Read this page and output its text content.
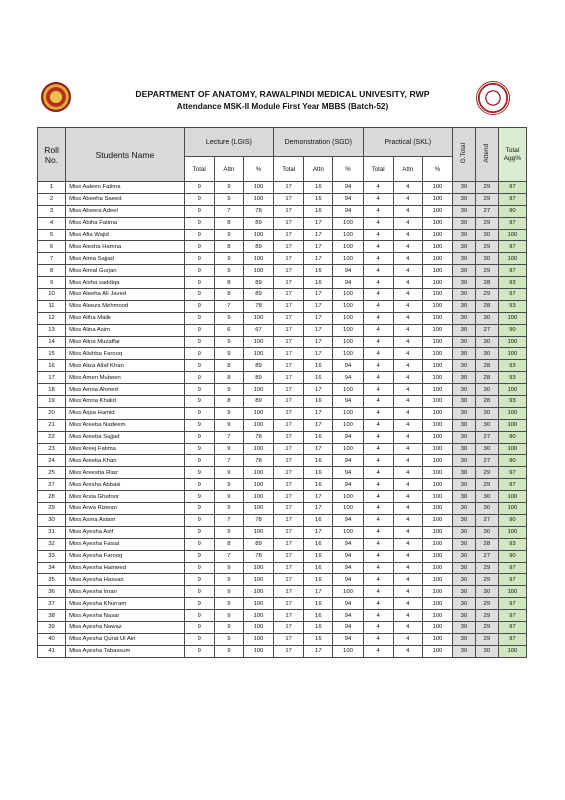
DEPARTMENT OF ANATOMY, RAWALPINDI MEDICAL UNIVESITY, RWP
Attendance MSK-II Module First Year MBBS (Batch-52)
Roll No.	Students Name	Lecture (LGIS)			Demonstration (SGD)			Practical (SKL)			G.Total	Attend	Total Agg%
		Total	Attn	%	Total	Attn	%	Total	Attn	%			
1	Miss Aaleen Fatima	9	9	100	17	16	94	4	4	100	30	29	97
2	Miss Abeeha Saeed	9	9	100	17	16	94	4	4	100	30	29	97
3	Miss Abeera Adeel	9	7	78	17	16	94	4	4	100	30	27	90
4	Miss Abiha Fatima	9	8	89	17	17	100	4	4	100	30	29	97
5	Miss Afia Wajid	9	9	100	17	17	100	4	4	100	30	30	100
6	Miss Aiesha Hamna	9	8	89	17	17	100	4	4	100	30	29	97
7	Miss Aima Sajjad	9	9	100	17	17	100	4	4	100	30	30	100
8	Miss Aimal Gurjan	9	9	100	17	16	94	4	4	100	30	29	97
9	Miss Aisha saddiqa	9	8	89	17	16	94	4	4	100	30	28	93
10	Miss Aleeha Ali Javed	9	8	89	17	17	100	4	4	100	30	29	97
11	Miss Aleeza Mehmood	9	7	78	17	17	100	4	4	100	30	28	93
12	Miss Aliha Malik	9	9	100	17	17	100	4	4	100	30	30	100
13	Miss Alina Asim	9	6	67	17	17	100	4	4	100	30	27	90
14	Miss Alina Muzaffar	9	9	100	17	17	100	4	4	100	30	30	100
15	Miss Alishba Farooq	9	9	100	17	17	100	4	4	100	30	30	100
16	Miss Aliza Altaf Khan	9	8	89	17	16	94	4	4	100	30	28	93
17	Miss Amen Mubeen	9	8	89	17	16	94	4	4	100	30	28	93
18	Miss Amna Ahmed	9	9	100	17	17	100	4	4	100	30	30	100
19	Miss Amna Khalid	9	8	89	17	16	94	4	4	100	30	28	93
20	Miss Aqsa Hamid	9	9	100	17	17	100	4	4	100	30	30	100
21	Miss Areeba Nadeem	9	9	100	17	17	100	4	4	100	30	30	100
22	Miss Areeba Sajjad	9	7	78	17	16	94	4	4	100	30	27	90
23	Miss Areej Fatima	9	9	100	17	17	100	4	4	100	30	30	100
24	Miss Areeka Khan	9	7	78	17	16	94	4	4	100	30	27	90
25	Miss Areesha Riaz	9	9	100	17	16	94	4	4	100	30	29	97
27	Miss Aresha Abbasi	9	9	100	17	16	94	4	4	100	30	29	97
28	Miss Arsla Ghafoor	9	9	100	17	17	100	4	4	100	30	30	100
29	Miss Arwa Rizwan	9	9	100	17	17	100	4	4	100	30	30	100
30	Miss Asma Aslam	9	7	78	17	16	94	4	4	100	30	27	90
31	Miss Ayesha Asif	9	9	100	17	17	100	4	4	100	30	30	100
32	Miss Ayesha Faisal	9	8	89	17	16	94	4	4	100	30	28	93
33	Miss Ayesha Farooq	9	7	78	17	16	94	4	4	100	30	27	90
34	Miss Ayesha Hameed	9	9	100	17	16	94	4	4	100	30	29	97
35	Miss Ayesha Hassan	9	9	100	17	16	94	4	4	100	30	29	97
36	Miss Ayesha Iman	9	9	100	17	17	100	4	4	100	30	30	100
37	Miss Ayesha Khurram	9	9	100	17	16	94	4	4	100	30	29	97
38	Miss Ayesha Nasar	9	9	100	17	16	94	4	4	100	30	29	97
39	Miss Ayesha Nawaz	9	9	100	17	16	94	4	4	100	30	29	97
40	Miss Ayesha Qurat Ul Ain	9	9	100	17	16	94	4	4	100	30	29	97
41	Miss Ayesha Tabassum	9	9	100	17	17	100	4	4	100	30	30	100
